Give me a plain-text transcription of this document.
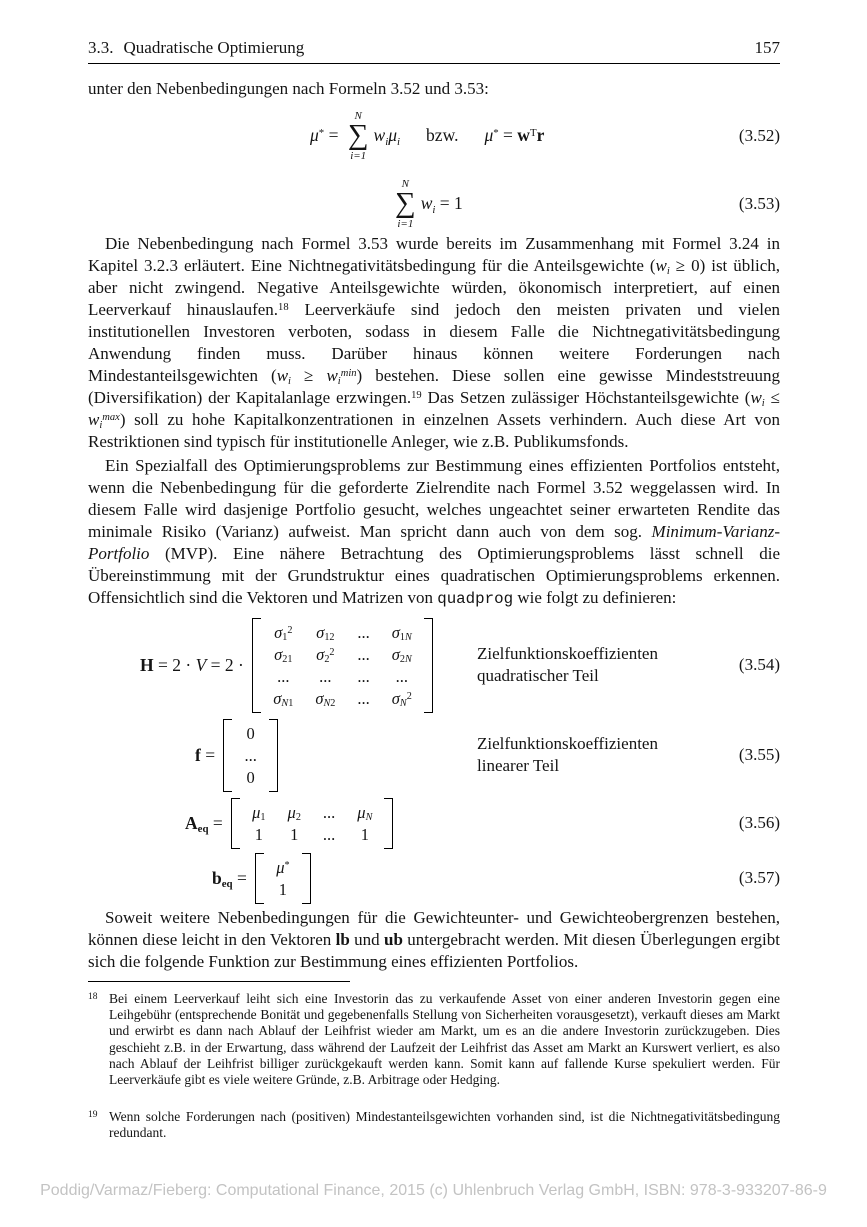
3.3. Quadratische Optimierung	157

unter den Nebenbedingungen nach Formeln 3.52 und 3.53:

μ* =
N
∑
i=1
wiμi bzw. $\mu^* = w^Tr$	(3.52)
N
∑
i=1
wi = 1	(3.53)

Die Nebenbedingung nach Formel 3.53 wurde bereits im Zusammenhang mit Formel 3.24 in Kapitel 3.2.3 erläutert. Eine Nichtnegativitätsbedingung für die Anteilsgewichte (wi ≥ 0) ist üblich, aber nicht zwingend. Negative Anteilsgewichte würden, ökonomisch interpretiert, auf einen Leerverkauf hinauslaufen.$^{18}$ Leerverkäufe sind jedoch den meisten privaten und vielen institutionellen Investoren verboten, sodass in diesem Falle die Nichtnegativitätsbedingung Anwendung finden muss. Darüber hinaus können weitere Forderungen nach Mindestanteilsgewichten $(wi \ge wi^{min})$ bestehen. Diese sollen eine gewisse Mindeststreuung (Diversifikation) der Kapitalanlage erzwingen.$^{19}$ Das Setzen zulässiger Höchstanteilsgewichte $(wi \le wi^{max})$ soll zu hohe Kapitalkonzentrationen in einzelnen Assets verhindern. Auch diese Art von Restriktionen sind typisch für institutionelle Anleger, wie z.B. Publikumsfonds.

Ein Spezialfall des Optimierungsproblems zur Bestimmung eines effizienten Portfolios entsteht, wenn die Nebenbedingung für die geforderte Zielrendite nach Formel 3.52 weggelassen wird. In diesem Falle wird dasjenige Portfolio gesucht, welches ungeachtet seiner erwarteten Rendite das minimale Risiko (Varianz) aufweist. Man spricht dann auch von dem sog. Minimum-Varianz-Portfolio (MVP). Eine nähere Betrachtung des Optimierungsproblems lässt schnell die Übereinstimmung mit der Grundstruktur eines quadratischen Optimierungsproblems erkennen. Offensichtlich sind die Vektoren und Matrizen von quadprog wie folgt zu definieren:

H = 2 · V = 2 ·
$\sigma 1^2$ σ12 ... σ1N
σ21 $\sigma 2^2$ ... σ2N
... ... ... ...
σN1 σN2 ... $\sigma N^2$
Zielfunktionskoeffizienten
quadratischer Teil
(3.54)
f =
0
...
0
Zielfunktionskoeffizienten
linearer Teil
(3.55)
Aeq =
μ1 μ2 ... μN
1 1 ... 1
(3.56)
beq =
μ*
1
(3.57)

Soweit weitere Nebenbedingungen für die Gewichteunter- und Gewichteobergrenzen bestehen, können diese leicht in den Vektoren lb und ub untergebracht werden. Mit diesen Überlegungen ergibt sich die folgende Funktion zur Bestimmung eines effizienten Portfolios.

18 Bei einem Leerverkauf leiht sich eine Investorin das zu verkaufende Asset von einer anderen Investorin gegen eine Leihgebühr (entsprechende Bonität und gegebenenfalls Stellung von Sicherheiten vorausgesetzt), verkauft dieses am Markt und erwirbt es dann nach Ablauf der Leihfrist wieder am Markt, um es an die andere Investorin zurückzugeben. Dies geschieht z.B. in der Erwartung, dass während der Laufzeit der Leihfrist das Asset am Markt an Kurswert verliert, es also nach Ablauf der Leihfrist billiger zurückgekauft werden kann. Somit kann auf fallende Kurse spekuliert werden. Für Leerverkäufe gibt es viele weitere Gründe, z.B. Arbitrage oder Hedging.

19 Wenn solche Forderungen nach (positiven) Mindestanteilsgewichten vorhanden sind, ist die Nichtnegativitätsbedingung redundant.

Poddig/Varmaz/Fieberg: Computational Finance, 2015 (c) Uhlenbruch Verlag GmbH, ISBN: 978-3-933207-86-9
